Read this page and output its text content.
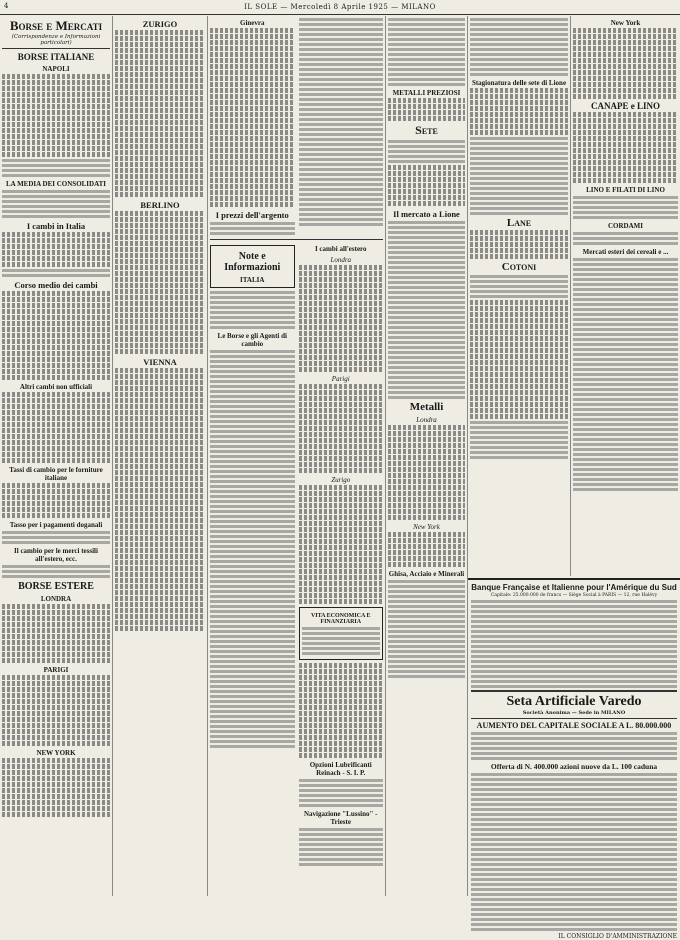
4	IL SOLE — Mercoledì 8 Aprile 1925 — MILANO
Borse e Mercati
(Corrispondenze e Informazioni particolari)
BORSE ITALIANE
NAPOLI
LA MEDIA DEI CONSOLIDATI
I cambi in Italia
Corso medio dei cambi
Altri cambi non ufficiali
Tassi di cambio per le forniture italiane
Tasso per i pagamenti doganali
Il cambio per le merci tessili all'estero, ecc.
BORSE ESTERE
LONDRA
PARIGI
NEW YORK
ZURIGO
BERLINO
VIENNA
Ginevra
I prezzi dell'argento
Note e Informazioni
ITALIA
Le Borse e gli Agenti di cambio
I cambi all'estero
Londra
Parigi
Zurigo
VITA ECONOMICA E FINANZIARIA
Opzioni Lubrificanti Reinach - S. I. P.
Navigazione "Lussino" - Trieste
METALLI PREZIOSI
Sete
Il mercato a Lione
Metalli
Londra
New York
Ghisa, Acciaio e Minerali
Stagionatura delle sete di Lione
Lane
Cotoni
New York
CANAPE e LINO
LINO E FILATI DI LINO
CORDAMI
Mercati esteri dei cereali e ...
Banque Française et Italienne pour l'Amérique du Sud
Capitale: 25.000.000 de francs — Siège Social à PARIS — 12, rue Halévy
Seta Artificiale Varedo
Società Anonima — Sede in MILANO
AUMENTO DEL CAPITALE SOCIALE A L. 80.000.000
Offerta di N. 400.000 azioni nuove da L. 100 caduna
IL CONSIGLIO D'AMMINISTRAZIONE
